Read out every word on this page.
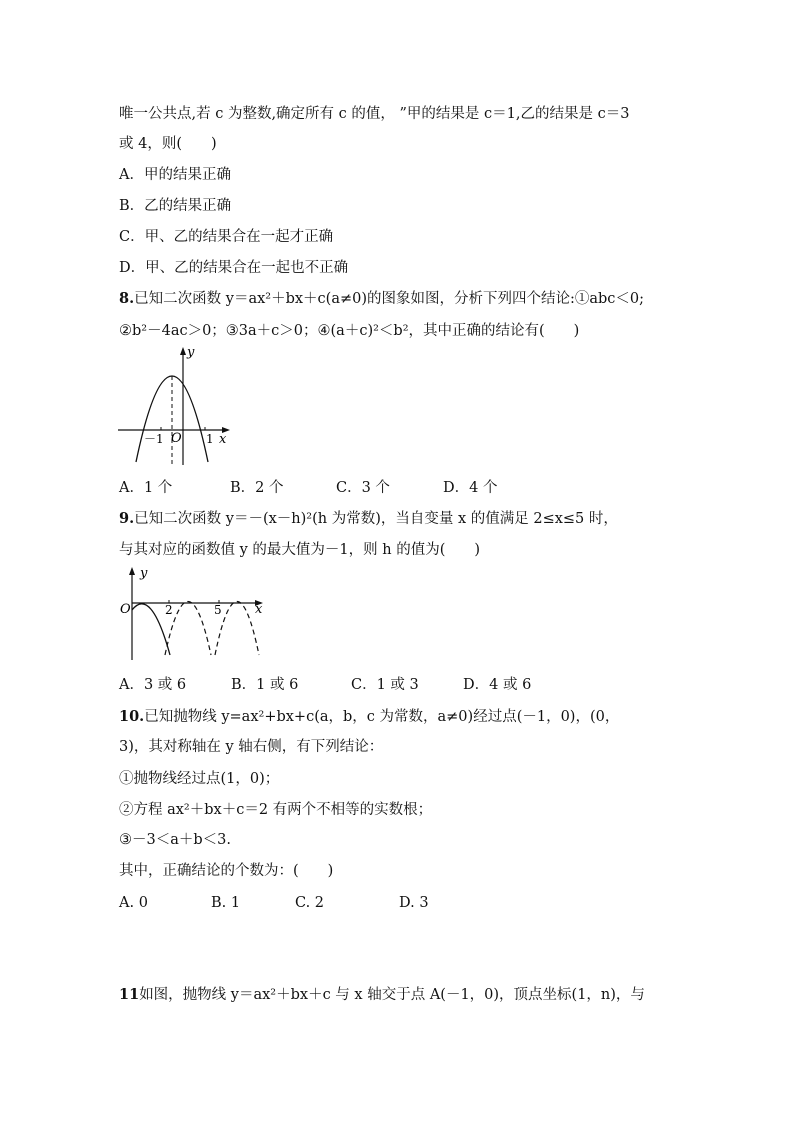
唯一公共点,若 c 为整数,确定所有 c 的值， ”甲的结果是 c＝1,乙的结果是 c＝3
或 4，则(　　)
A．甲的结果正确
B．乙的结果正确
C．甲、乙的结果合在一起才正确
D．甲、乙的结果合在一起也不正确
8.已知二次函数 y＝ax²＋bx＋c(a≠0)的图象如图，分析下列四个结论:①abc＜0;
②b²－4ac＞0；③3a＋c＞0；④(a＋c)²＜b²，其中正确的结论有(　　)
y
x
O
－1	1
A．1 个	B．2 个	C．3 个	D．4 个
9.已知二次函数 y＝－(x－h)²(h 为常数)，当自变量 x 的值满足 2≤x≤5 时，
与其对应的函数值 y 的最大值为－1，则 h 的值为(　　)
y
x
O	2	5
A．3 或 6	B．1 或 6	C．1 或 3	D．4 或 6
10.已知抛物线 y=ax²+bx+c(a，b，c 为常数，a≠0)经过点(－1，0)，(0，
3)，其对称轴在 y 轴右侧，有下列结论：
①抛物线经过点(1，0)；
②方程 ax²＋bx＋c＝2 有两个不相等的实数根；
③－3＜a＋b＜3.
其中，正确结论的个数为：(　　)
A. 0	B. 1	C. 2	D. 3
11如图，抛物线 y＝ax²＋bx＋c 与 x 轴交于点 A(－1，0)，顶点坐标(1，n)，与
